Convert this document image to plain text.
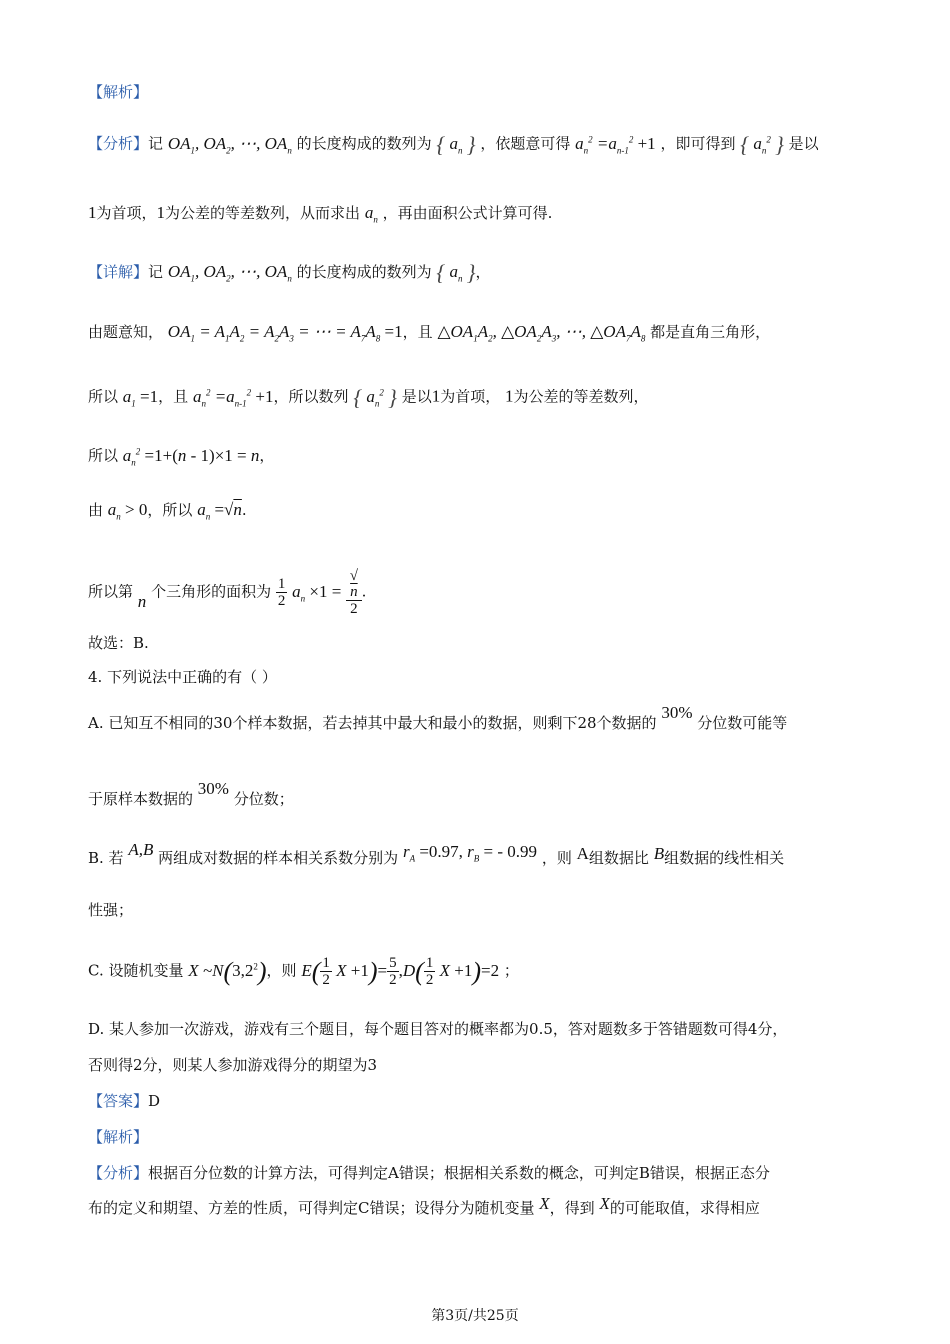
【解析】
【分析】记 $OA_1$, $OA_2$, ⋯, $OA_n$ 的长度构成的数列为 { $a_n$ } ，依题意可得 $a_n^2 =a_{n-1}^2 +1$ ，即可得到 { $a_n^2$ } 是以
1为首项，1为公差的等差数列，从而求出 $a_n$ ，再由面积公式计算可得.
【详解】记 $OA_1$, $OA_2$, ⋯, $OA_n$ 的长度构成的数列为 { $a_n$ }，
由题意知， $OA_1 = A_1A_2 = A_2A_3$ = ⋯ = $A_7A_8 =1$，且 $\triangle OA_1A_2$, $\triangle OA_2A_3$, ⋯, $\triangle OA_7A_8$ 都是直角三角形，
所以 $a_1 =1$，且 $a_n^2 =a_{n-1}^2 +1$，所以数列 { $a_n^2$ } 是以1为首项， 1为公差的等差数列，
所以 $a_n^2 =1+(n - 1)\times 1 = n$，
由 $a_n > 0$，所以 $a_n =√n$.
所以第 n 个三角形的面积为 $\frac{1}{2} a_n \times 1$ = √
n
2 .
故选：B.
4. 下列说法中正确的有（ ）
A. 已知互不相同的30个样本数据，若去掉其中最大和最小的数据，则剩下28个数据的 30% 分位数可能等
于原样本数据的 30% 分位数；
B. 若 A,B 两组成对数据的样本相关系数分别为 $r_A =0.97$, $r_B$ = - 0.99 ，则 A组数据比 B组数据的线性相关
性强；
C. 设随机变量 X $\sim N(3,2^2)$，则 $E( \frac{1}{2}$ $X +1)= \frac{5}{2} ,D( \frac{1}{2}$ X +1)=2 ；
D. 某人参加一次游戏，游戏有三个题目，每个题目答对的概率都为0.5，答对题数多于答错题数可得4分，
否则得2分，则某人参加游戏得分的期望为3
【答案】D
【解析】
【分析】根据百分位数的计算方法，可得判定A错误；根据相关系数的概念，可判定B错误，根据正态分
布的定义和期望、方差的性质，可得判定C错误；设得分为随机变量 X，得到 X的可能取值，求得相应
第3页/共25页
